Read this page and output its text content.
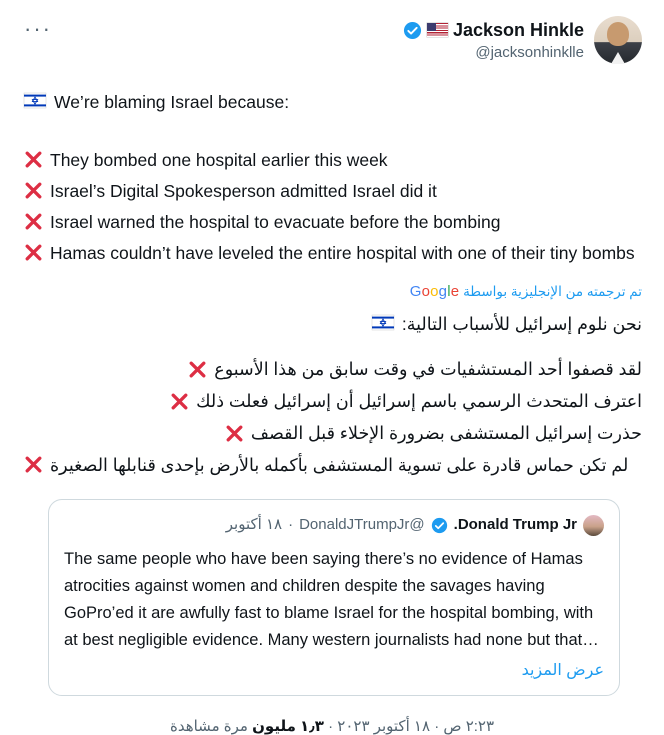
···	Jackson Hinkle
@jacksonhinklle
We’re blaming Israel because:
They bombed one hospital earlier this week
Israel’s Digital Spokesperson admitted Israel did it
Israel warned the hospital to evacuate before the bombing
Hamas couldn’t have leveled the entire hospital with one of their tiny bombs
تم ترجمته من الإنجليزية بواسطة Google
نحن نلوم إسرائيل للأسباب التالية:
لقد قصفوا أحد المستشفيات في وقت سابق من هذا الأسبوع
اعترف المتحدث الرسمي باسم إسرائيل أن إسرائيل فعلت ذلك
حذرت إسرائيل المستشفى بضرورة الإخلاء قبل القصف
لم تكن حماس قادرة على تسوية المستشفى بأكمله بالأرض بإحدى قنابلها الصغيرة
Donald Trump Jr.
@DonaldJTrumpJr
·
١٨ أكتوبر
The same people who have been saying there’s no evidence of Hamas atrocities against women and children despite the savages having GoPro’ed it are awfully fast to blame Israel for the hospital bombing, with at best negligible evidence. Many western journalists had none but that…
عرض المزيد
٢:٢٣ ص · ١٨ أكتوبر ٢٠٢٣ · ١٫٣ مليون مرة مشاهدة
